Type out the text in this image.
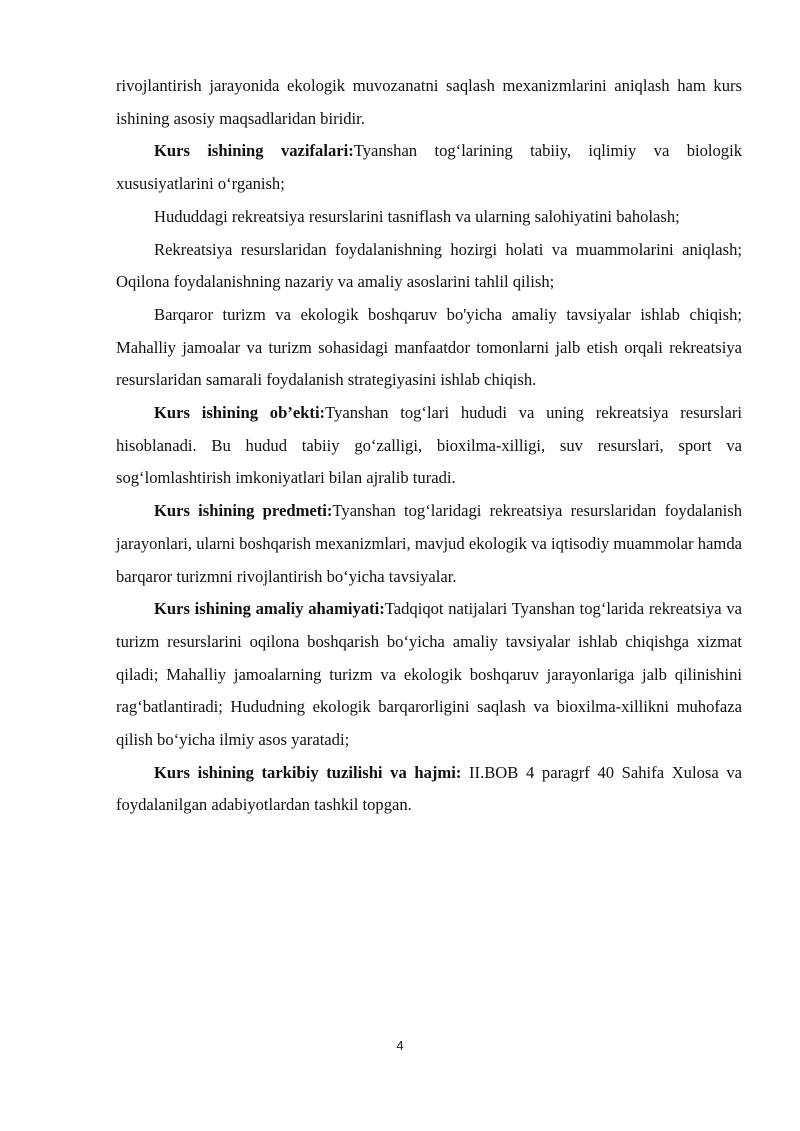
rivojlantirish jarayonida ekologik muvozanatni saqlash mexanizmlarini aniqlash ham kurs ishining asosiy maqsadlaridan biridir.

Kurs ishining vazifalari:Tyanshan tog‘larining tabiiy, iqlimiy va biologik xususiyatlarini o‘rganish;

Hududdagi rekreatsiya resurslarini tasniflash va ularning salohiyatini baholash;

Rekreatsiya resurslaridan foydalanishning hozirgi holati va muammolarini aniqlash; Oqilona foydalanishning nazariy va amaliy asoslarini tahlil qilish;

Barqaror turizm va ekologik boshqaruv bo'yicha amaliy tavsiyalar ishlab chiqish; Mahalliy jamoalar va turizm sohasidagi manfaatdor tomonlarni jalb etish orqali rekreatsiya resurslaridan samarali foydalanish strategiyasini ishlab chiqish.

Kurs ishining ob’ekti:Tyanshan tog‘lari hududi va uning rekreatsiya resurslari hisoblanadi. Bu hudud tabiiy go‘zalligi, bioxilma-xilligi, suv resurslari, sport va sog‘lomlashtirish imkoniyatlari bilan ajralib turadi.

Kurs ishining predmeti:Tyanshan tog‘laridagi rekreatsiya resurslaridan foydalanish jarayonlari, ularni boshqarish mexanizmlari, mavjud ekologik va iqtisodiy muammolar hamda barqaror turizmni rivojlantirish bo‘yicha tavsiyalar.

Kurs ishining amaliy ahamiyati:Tadqiqot natijalari Tyanshan tog‘larida rekreatsiya va turizm resurslarini oqilona boshqarish bo‘yicha amaliy tavsiyalar ishlab chiqishga xizmat qiladi; Mahalliy jamoalarning turizm va ekologik boshqaruv jarayonlariga jalb qilinishini rag‘batlantiradi; Hududning ekologik barqarorligini saqlash va bioxilma-xillikni muhofaza qilish bo‘yicha ilmiy asos yaratadi;

Kurs ishining tarkibiy tuzilishi va hajmi: II.BOB 4 paragrf 40 Sahifa Xulosa va foydalanilgan adabiyotlardan tashkil topgan.

4
